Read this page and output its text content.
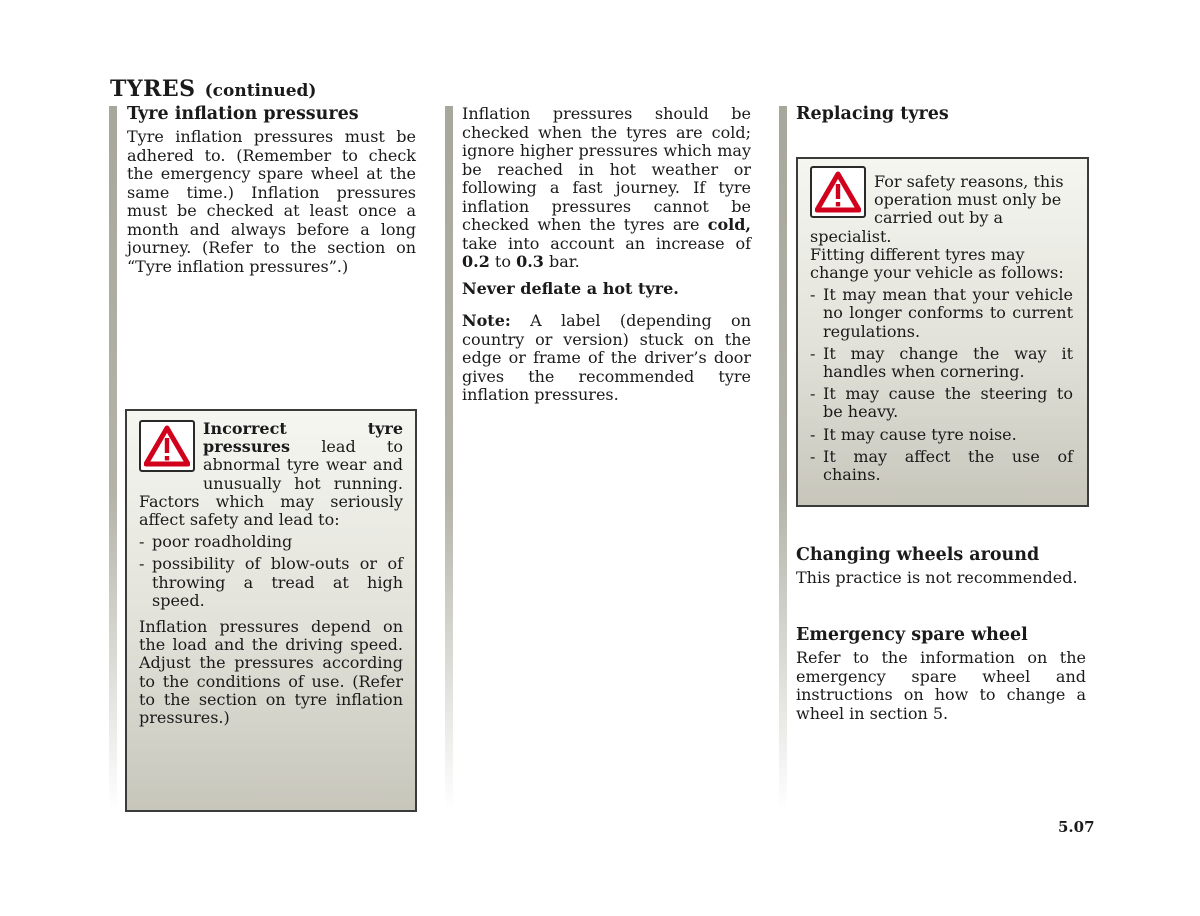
TYRES (continued)
Tyre inflation pressures

Tyre inflation pressures must be adhered to. (Remember to check the emergency spare wheel at the same time.) Inflation pressures must be checked at least once a month and always before a long journey. (Refer to the section on “Tyre inflation pressures”.)

Incorrect tyre pressures lead to abnormal tyre wear and unusually hot running. Factors which may seriously affect safety and lead to:

- poor roadholding
- possibility of blow-outs or of throwing a tread at high speed.

Inflation pressures depend on the load and the driving speed. Adjust the pressures according to the conditions of use. (Refer to the section on tyre inflation pressures.)

Inflation pressures should be checked when the tyres are cold; ignore higher pressures which may be reached in hot weather or following a fast journey. If tyre inflation pressures cannot be checked when the tyres are cold, take into account an increase of 0.2 to 0.3 bar.

Never deflate a hot tyre.

Note: A label (depending on country or version) stuck on the edge or frame of the driver’s door gives the recommended tyre inflation pressures.

Replacing tyres

For safety reasons, this operation must only be carried out by a specialist.

Fitting different tyres may change your vehicle as follows:

- It may mean that your vehicle no longer conforms to current regulations.
- It may change the way it handles when cornering.
- It may cause the steering to be heavy.
- It may cause tyre noise.
- It may affect the use of chains.
Changing wheels around

This practice is not recommended.

Emergency spare wheel

Refer to the information on the emergency spare wheel and instructions on how to change a wheel in section 5.

5.07
